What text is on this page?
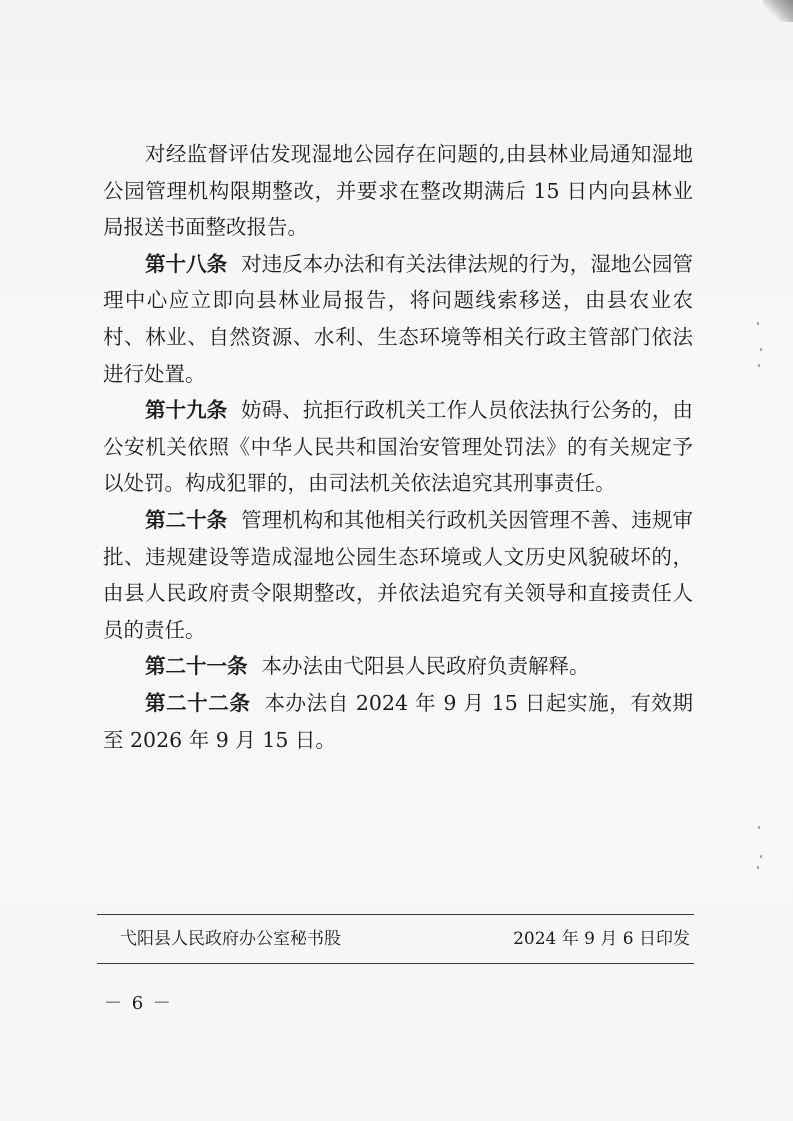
对经监督评估发现湿地公园存在问题的,由县林业局通知湿地公园管理机构限期整改，并要求在整改期满后 15 日内向县林业局报送书面整改报告。

第十八条 对违反本办法和有关法律法规的行为，湿地公园管理中心应立即向县林业局报告，将问题线索移送，由县农业农村、林业、自然资源、水利、生态环境等相关行政主管部门依法进行处置。

第十九条 妨碍、抗拒行政机关工作人员依法执行公务的，由公安机关依照《中华人民共和国治安管理处罚法》的有关规定予以处罚。构成犯罪的，由司法机关依法追究其刑事责任。

第二十条 管理机构和其他相关行政机关因管理不善、违规审批、违规建设等造成湿地公园生态环境或人文历史风貌破坏的，由县人民政府责令限期整改，并依法追究有关领导和直接责任人员的责任。

第二十一条 本办法由弋阳县人民政府负责解释。

第二十二条 本办法自 2024 年 9 月 15 日起实施，有效期至 2026 年 9 月 15 日。

弋阳县人民政府办公室秘书股	2024 年 9 月 6 日印发
－ 6 －
